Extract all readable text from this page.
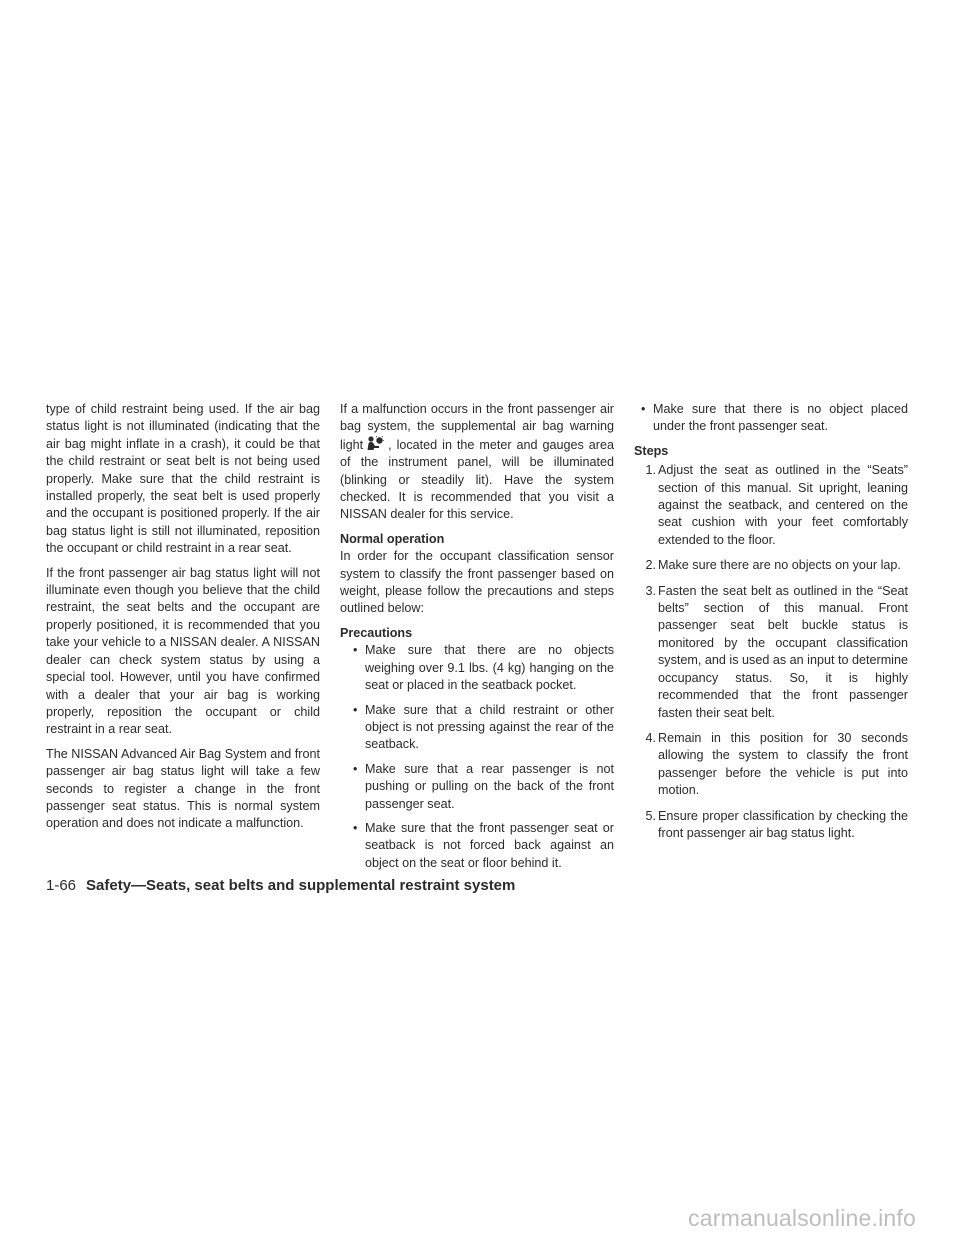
type of child restraint being used. If the air bag status light is not illuminated (indicating that the air bag might inflate in a crash), it could be that the child restraint or seat belt is not being used properly. Make sure that the child restraint is installed properly, the seat belt is used properly and the occupant is positioned properly. If the air bag status light is still not illuminated, reposition the occupant or child restraint in a rear seat.

If the front passenger air bag status light will not illuminate even though you believe that the child restraint, the seat belts and the occupant are properly positioned, it is recommended that you take your vehicle to a NISSAN dealer. A NISSAN dealer can check system status by using a special tool. However, until you have confirmed with a dealer that your air bag is working properly, reposition the occupant or child restraint in a rear seat.

The NISSAN Advanced Air Bag System and front passenger air bag status light will take a few seconds to register a change in the front passenger seat status. This is normal system operation and does not indicate a malfunction.

If a malfunction occurs in the front passenger air bag system, the supplemental air bag warning light , located in the meter and gauges area of the instrument panel, will be illuminated (blinking or steadily lit). Have the system checked. It is recommended that you visit a NISSAN dealer for this service.

Normal operation

In order for the occupant classification sensor system to classify the front passenger based on weight, please follow the precautions and steps outlined below:

Precautions
• Make sure that there are no objects weighing over 9.1 lbs. (4 kg) hanging on the seat or placed in the seatback pocket.
• Make sure that a child restraint or other object is not pressing against the rear of the seatback.
• Make sure that a rear passenger is not pushing or pulling on the back of the front passenger seat.
• Make sure that the front passenger seat or seatback is not forced back against an object on the seat or floor behind it.
• Make sure that there is no object placed under the front passenger seat.
Steps
1. Adjust the seat as outlined in the “Seats” section of this manual. Sit upright, leaning against the seatback, and centered on the seat cushion with your feet comfortably extended to the floor.
2. Make sure there are no objects on your lap.
3. Fasten the seat belt as outlined in the “Seat belts” section of this manual. Front passenger seat belt buckle status is monitored by the occupant classification system, and is used as an input to determine occupancy status. So, it is highly recommended that the front passenger fasten their seat belt.
4. Remain in this position for 30 seconds allowing the system to classify the front passenger before the vehicle is put into motion.
5. Ensure proper classification by checking the front passenger air bag status light.
1-66 Safety—Seats, seat belts and supplemental restraint system
carmanualsonline.info
